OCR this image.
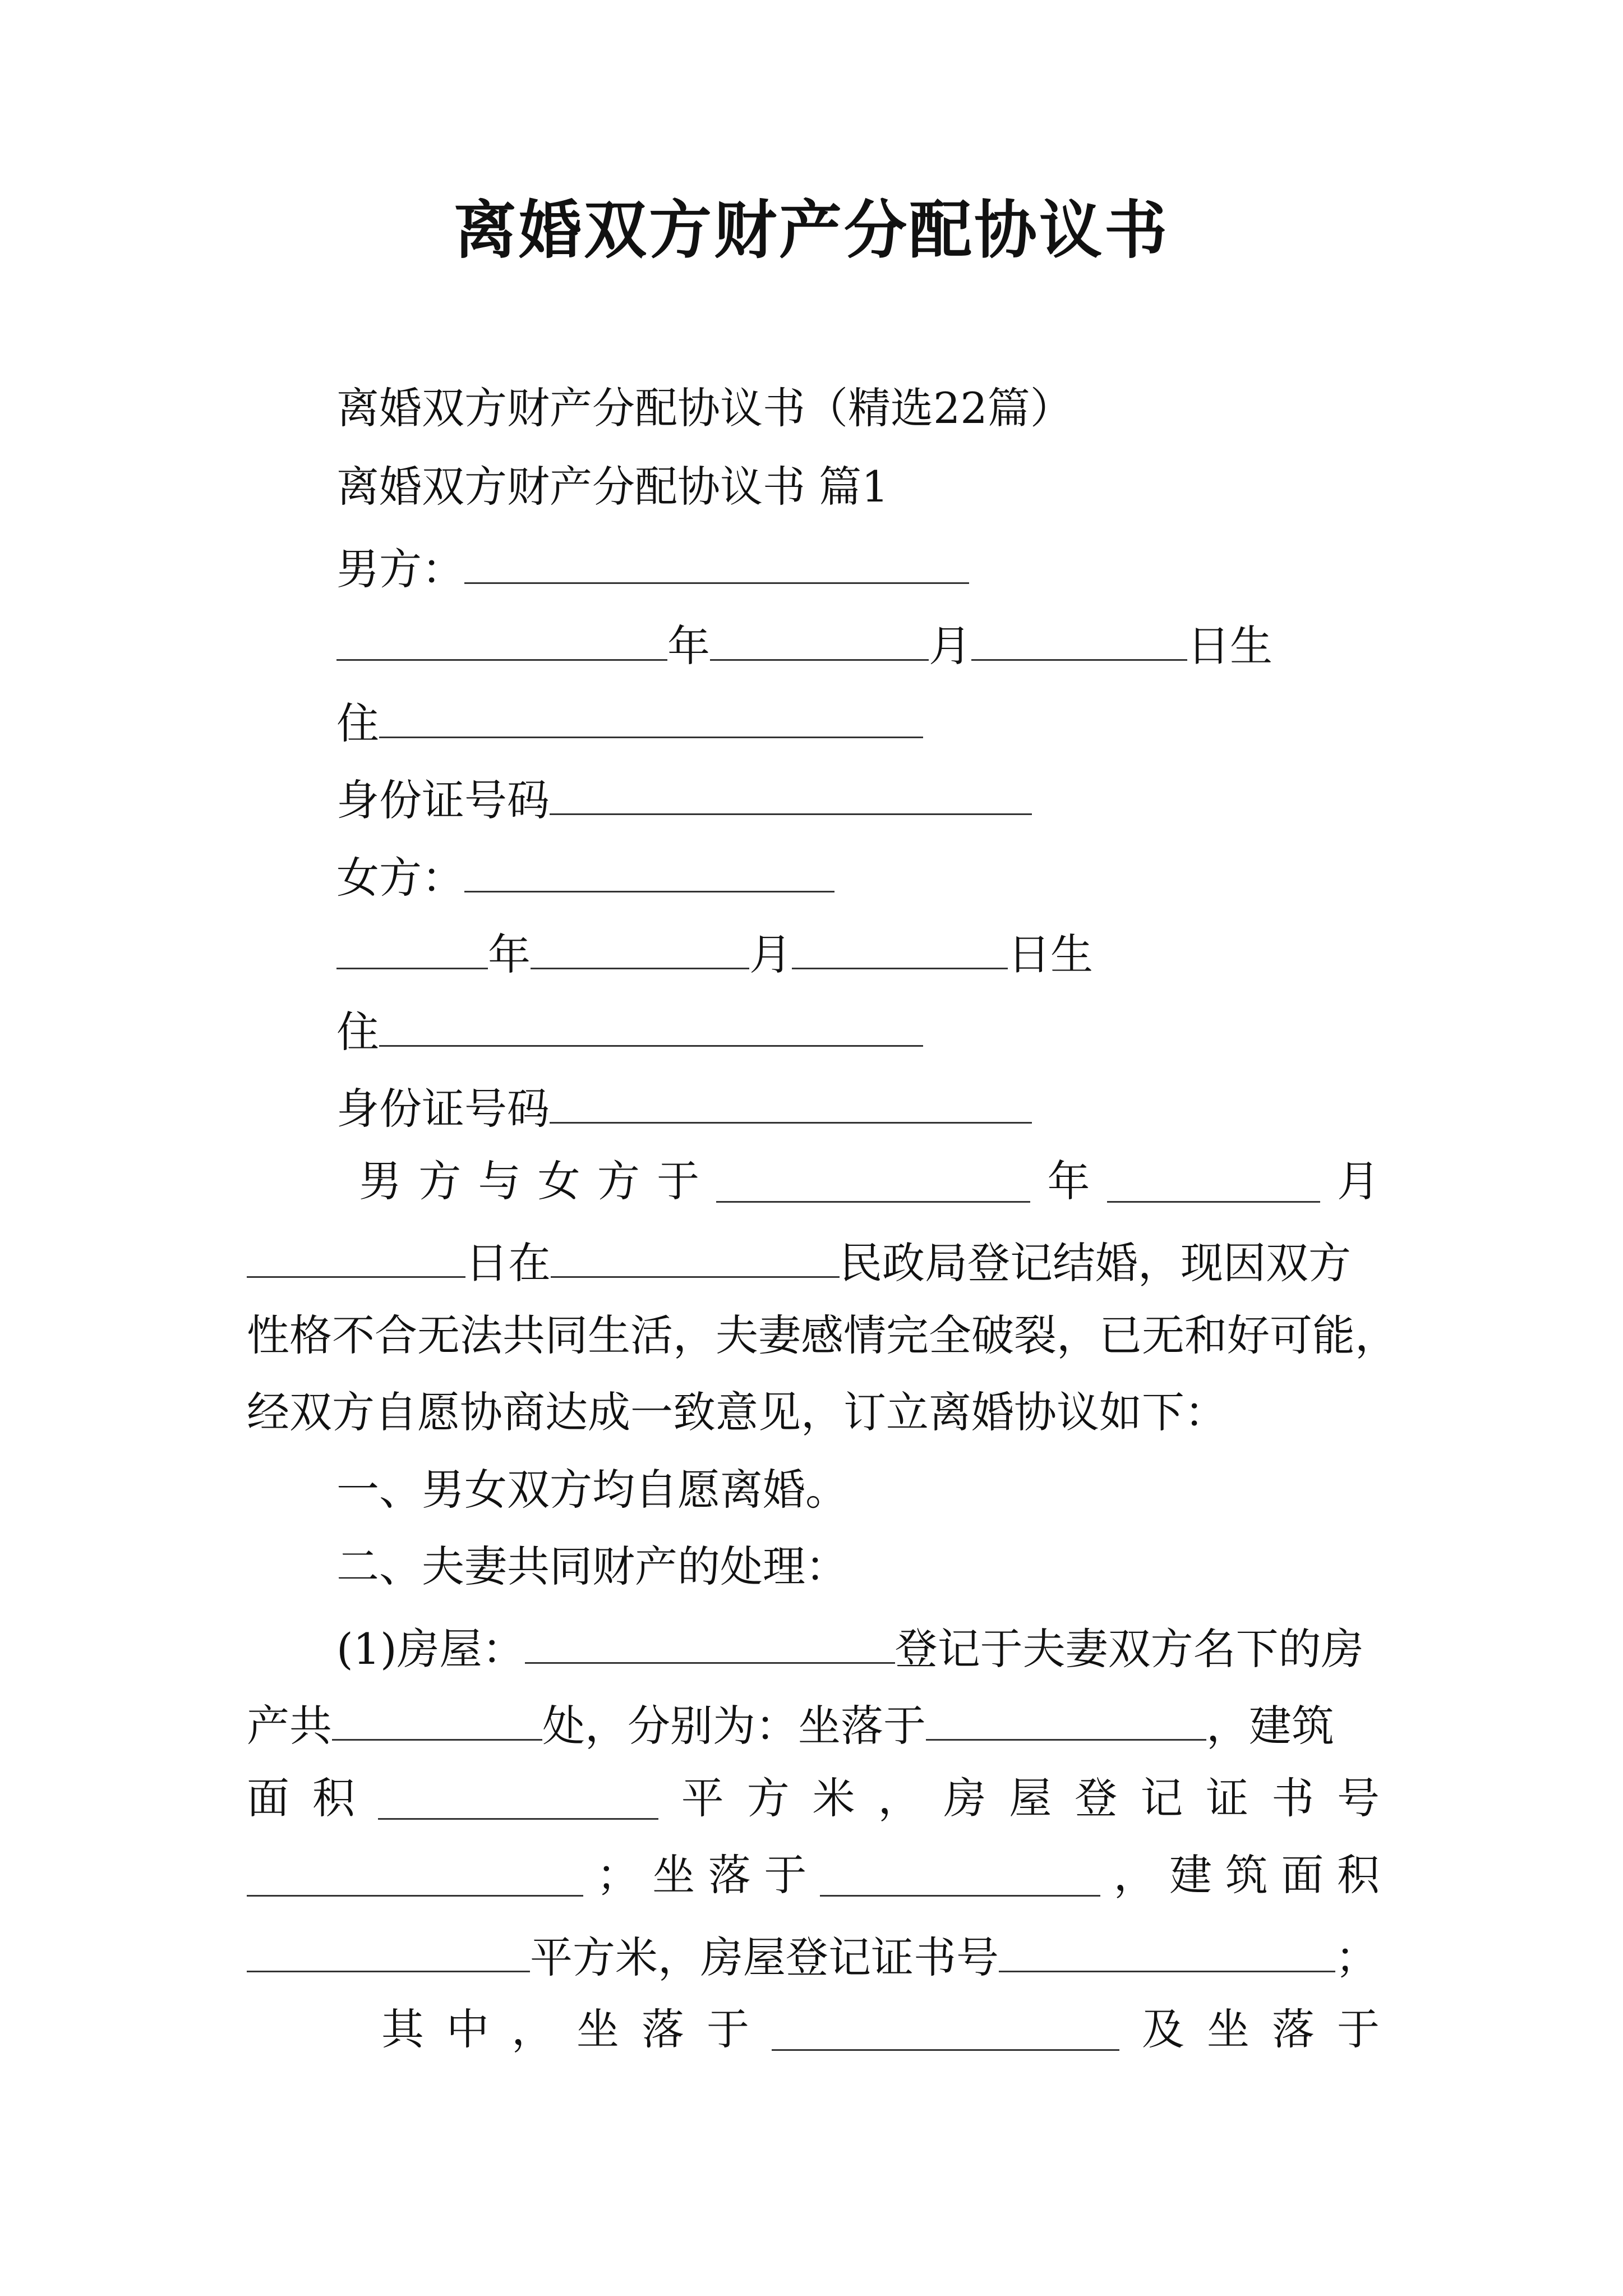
离婚双方财产分配协议书
离婚双方财产分配协议书（精选22篇）
离婚双方财产分配协议书 篇1
男方：
年	月	日生
住
身份证号码
女方：
年	月	日生
住
身份证号码
男 方 与 女 方 于	年	月
日在	民政局登记结婚，现因双方
性格不合无法共同生活，夫妻感情完全破裂，已无和好可能，
经双方自愿协商达成一致意见，订立离婚协议如下：
一、男女双方均自愿离婚。
二、夫妻共同财产的处理：
(1)房屋：	登记于夫妻双方名下的房
产共	处，分别为：坐落于	，建筑
面 积	平 方 米 ， 房 屋 登 记 证 书 号
； 坐 落 于	， 建 筑 面 积
平方米，房屋登记证书号	；
其 中 ， 坐 落 于	及 坐 落 于
